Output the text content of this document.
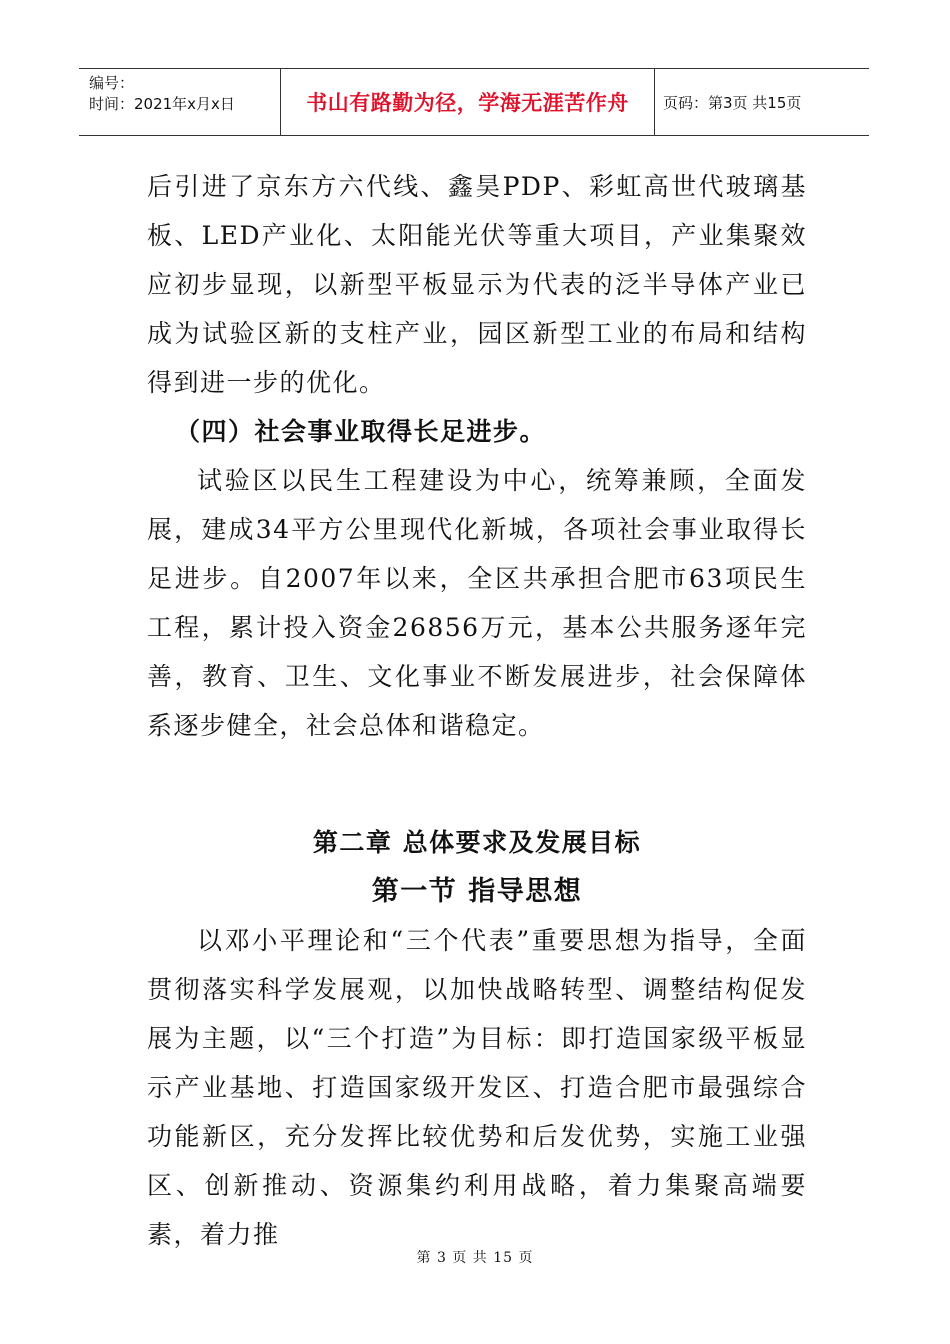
编号：
时间：2021年x月x日	书山有路勤为径，学海无涯苦作舟	页码：第3页 共15页

后引进了京东方六代线、鑫昊PDP、彩虹高世代玻璃基板、LED产业化、太阳能光伏等重大项目，产业集聚效应初步显现，以新型平板显示为代表的泛半导体产业已成为试验区新的支柱产业，园区新型工业的布局和结构得到进一步的优化。

（四）社会事业取得长足进步。

试验区以民生工程建设为中心，统筹兼顾，全面发展，建成34平方公里现代化新城，各项社会事业取得长足进步。自2007年以来，全区共承担合肥市63项民生工程，累计投入资金26856万元，基本公共服务逐年完善，教育、卫生、文化事业不断发展进步，社会保障体系逐步健全，社会总体和谐稳定。

第二章 总体要求及发展目标

第一节 指导思想

以邓小平理论和“三个代表”重要思想为指导，全面贯彻落实科学发展观，以加快战略转型、调整结构促发展为主题，以“三个打造”为目标：即打造国家级平板显示产业基地、打造国家级开发区、打造合肥市最强综合功能新区，充分发挥比较优势和后发优势，实施工业强区、创新推动、资源集约利用战略，着力集聚高端要素，着力推

第 3 页 共 15 页
